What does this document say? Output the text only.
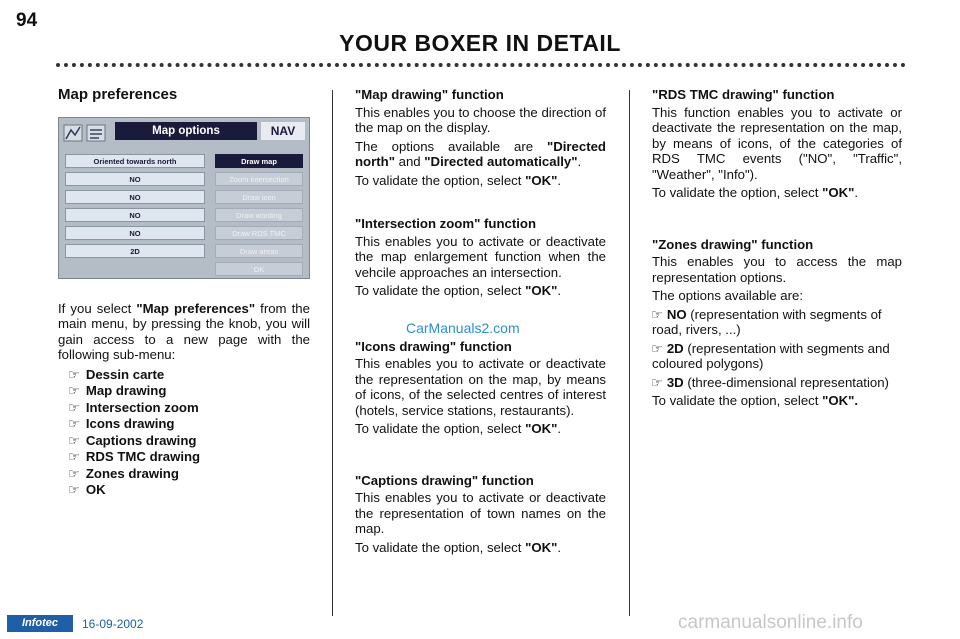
94
YOUR BOXER IN DETAIL

Map preferences

Map options	NAV
Oriented towards north	Draw map
NO	Zoom intersection
NO	Draw icon
NO	Draw wording
NO	Draw RDS TMC
2D	Draw areas
OK

If you select "Map preferences" from the main menu, by pressing the knob, you will gain access to a new page with the following sub-menu:

☞ Dessin carte

☞ Map drawing

☞ Intersection zoom

☞ Icons drawing

☞ Captions drawing

☞ RDS TMC drawing

☞ Zones drawing

☞ OK

"Map drawing" function

This enables you to choose the direction of the map on the display.

The options available are "Directed north" and "Directed automatically".

To validate the option, select "OK".

"Intersection zoom" function

This enables you to activate or deactivate the map enlargement function when the vehcile approaches an intersection.

To validate the option, select "OK".

"Icons drawing" function

This enables you to activate or deactivate the representation on the map, by means of icons, of the selected centres of interest (hotels, service stations, restaurants).

To validate the option, select "OK".

"Captions drawing" function

This enables you to activate or deactivate the representation of town names on the map.

To validate the option, select "OK".

"RDS TMC drawing" function

This function enables you to activate or deactivate the representation on the map, by means of icons, of the categories of RDS TMC events ("NO", "Traffic", "Weather", "Info").

To validate the option, select "OK".

"Zones drawing" function

This enables you to access the map representation options.

The options available are:

☞ NO (representation with segments of road, rivers, ...)

☞ 2D (representation with segments and coloured polygons)

☞ 3D (three-dimensional representation)

To validate the option, select "OK".

CarManuals2.com
Infotec	16-09-2002	carmanualsonline.info
